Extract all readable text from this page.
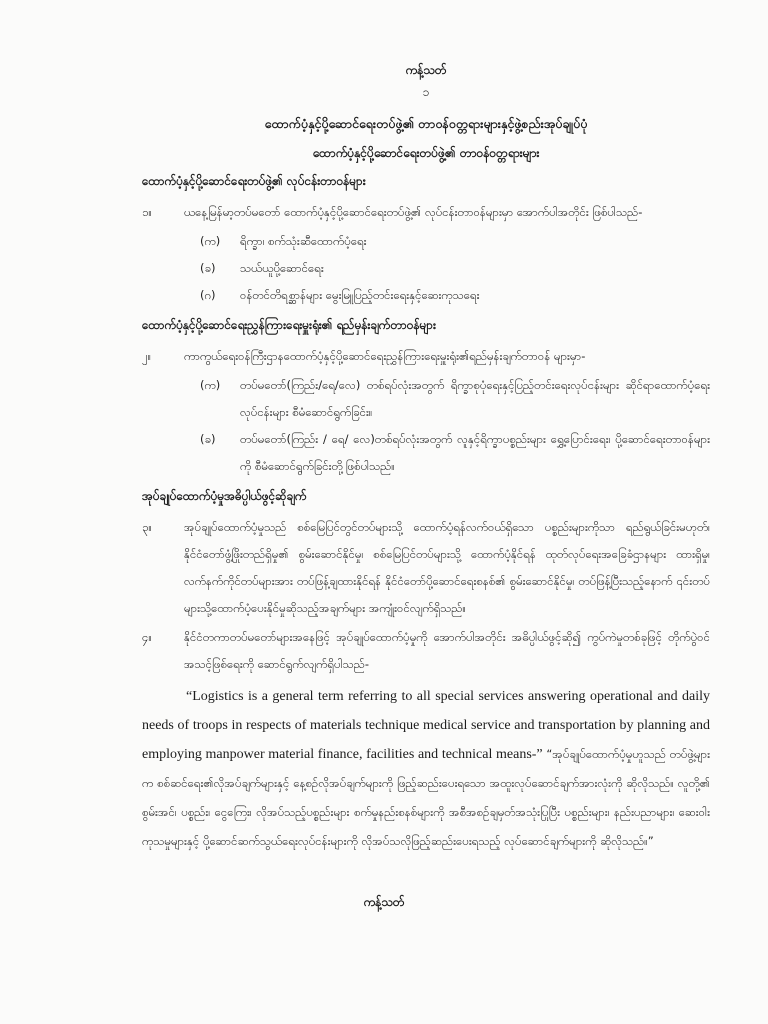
ကန့်သတ်
၁
ထောက်ပံ့နှင့်ပို့ဆောင်ရေးတပ်ဖွဲ့၏ တာဝန်ဝတ္တရားများနှင့်ဖွဲ့စည်းအုပ်ချုပ်ပုံ
ထောက်ပံ့နှင့်ပို့ဆောင်ရေးတပ်ဖွဲ့၏ တာဝန်ဝတ္တရားများ
ထောက်ပံ့နှင့်ပို့ဆောင်ရေးတပ်ဖွဲ့၏ လုပ်ငန်းတာဝန်များ
၁။	ယနေ့မြန်မာ့တပ်မတော် ထောက်ပံ့နှင့်ပို့ဆောင်ရေးတပ်ဖွဲ့၏ လုပ်ငန်းတာဝန်များမှာ အောက်ပါအတိုင်း ဖြစ်ပါသည်-
(က)	ရိက္ခာ၊ စက်သုံးဆီထောက်ပံ့ရေး
(ခ)	သယ်ယူပို့ဆောင်ရေး
(ဂ)	ဝန်တင်တိရစ္ဆာန်များ မွေးမြူပြည့်တင်းရေးနှင့်ဆေးကုသရေး
ထောက်ပံ့နှင့်ပို့ဆောင်ရေးညွှန်ကြားရေးမှူးရုံး၏ ရည်မှန်းချက်တာဝန်များ
၂။	ကာကွယ်ရေးဝန်ကြီးဌာနထောက်ပံ့နှင့်ပို့ဆောင်ရေးညွှန်ကြားရေးမှူးရုံး၏ရည်မှန်းချက်တာဝန် များမှာ-
(က)	တပ်မတော်(ကြည်း/ရေ/လေ) တစ်ရပ်လုံးအတွက် ရိက္ခာစုပုံရေးနှင့်ပြည့်တင်းရေးလုပ်ငန်းများ ဆိုင်ရာထောက်ပံ့ရေးလုပ်ငန်းများ စီမံဆောင်ရွက်ခြင်း။
(ခ)	တပ်မတော်(ကြည်း / ရေ/ လေ)တစ်ရပ်လုံးအတွက် လူနှင့်ရိက္ခာပစ္စည်းများ ရွှေ့ပြောင်းရေး၊ ပို့ဆောင်ရေးတာဝန်များကို စီမံဆောင်ရွက်ခြင်းတို့ဖြစ်ပါသည်။
အုပ်ချုပ်ထောက်ပံ့မှုအဓိပ္ပါယ်ဖွင့်ဆိုချက်
၃။	အုပ်ချုပ်ထောက်ပံ့မှုသည် စစ်မြေပြင်တွင်တပ်များသို့ ထောက်ပံ့ရန်လက်ဝယ်ရှိသော ပစ္စည်းများကိုသာ ရည်ရွယ်ခြင်းမဟုတ်၊ နိုင်ငံတော်ဖွံ့ဖြိုးတည်ရှိမှု၏ စွမ်းဆောင်နိုင်မှု၊ စစ်မြေပြင်တပ်များသို့ ထောက်ပံ့နိုင်ရန် ထုတ်လုပ်ရေးအခြေခံဌာနများ ထားရှိမှု၊ လက်နက်ကိုင်တပ်များအား တပ်ဖြန့်ချထားနိုင်ရန် နိုင်ငံတော်ပို့ဆောင်ရေးစနစ်၏ စွမ်းဆောင်နိုင်မှု၊ တပ်ဖြန့်ပြီးသည့်နောက် ၎င်းတပ်များသို့ထောက်ပံ့ပေးနိုင်မှုဆိုသည့်အချက်များ အကျုံးဝင်လျက်ရှိသည်။
၄။	နိုင်ငံတကာတပ်မတော်များအနေဖြင့် အုပ်ချုပ်ထောက်ပံ့မှုကို အောက်ပါအတိုင်း အဓိပ္ပါယ်ဖွင့်ဆို၍ ကွပ်ကဲမှုတစ်ခုဖြင့် တိုက်ပွဲဝင်အသင့်ဖြစ်ရေးကို ဆောင်ရွက်လျက်ရှိပါသည်-
“Logistics is a general term referring to all special services answering operational and daily needs of troops in respects of materials technique medical service and transportation by planning and employing manpower material finance, facilities and technical means-” “အုပ်ချုပ်ထောက်ပံ့မှုဟူသည် တပ်ဖွဲ့များက စစ်ဆင်ရေး၏လိုအပ်ချက်များနှင့် နေ့စဉ်လိုအပ်ချက်များကို ဖြည့်ဆည်းပေးရသော အထူးလုပ်ဆောင်ချက်အားလုံးကို ဆိုလိုသည်။ လူတို့၏ စွမ်းအင်၊ ပစ္စည်း၊ ငွေကြေး၊ လိုအပ်သည့်ပစ္စည်းများ စက်မှုနည်းစနစ်များကို အစီအစဉ်ချမှတ်အသုံးပြုပြီး ပစ္စည်းများ၊ နည်းပညာများ၊ ဆေးဝါး ကုသမှုများနှင့် ပို့ဆောင်ဆက်သွယ်ရေးလုပ်ငန်းများကို လိုအပ်သလိုဖြည့်ဆည်းပေးရသည့် လုပ်ဆောင်ချက်များကို ဆိုလိုသည်။”
ကန့်သတ်
